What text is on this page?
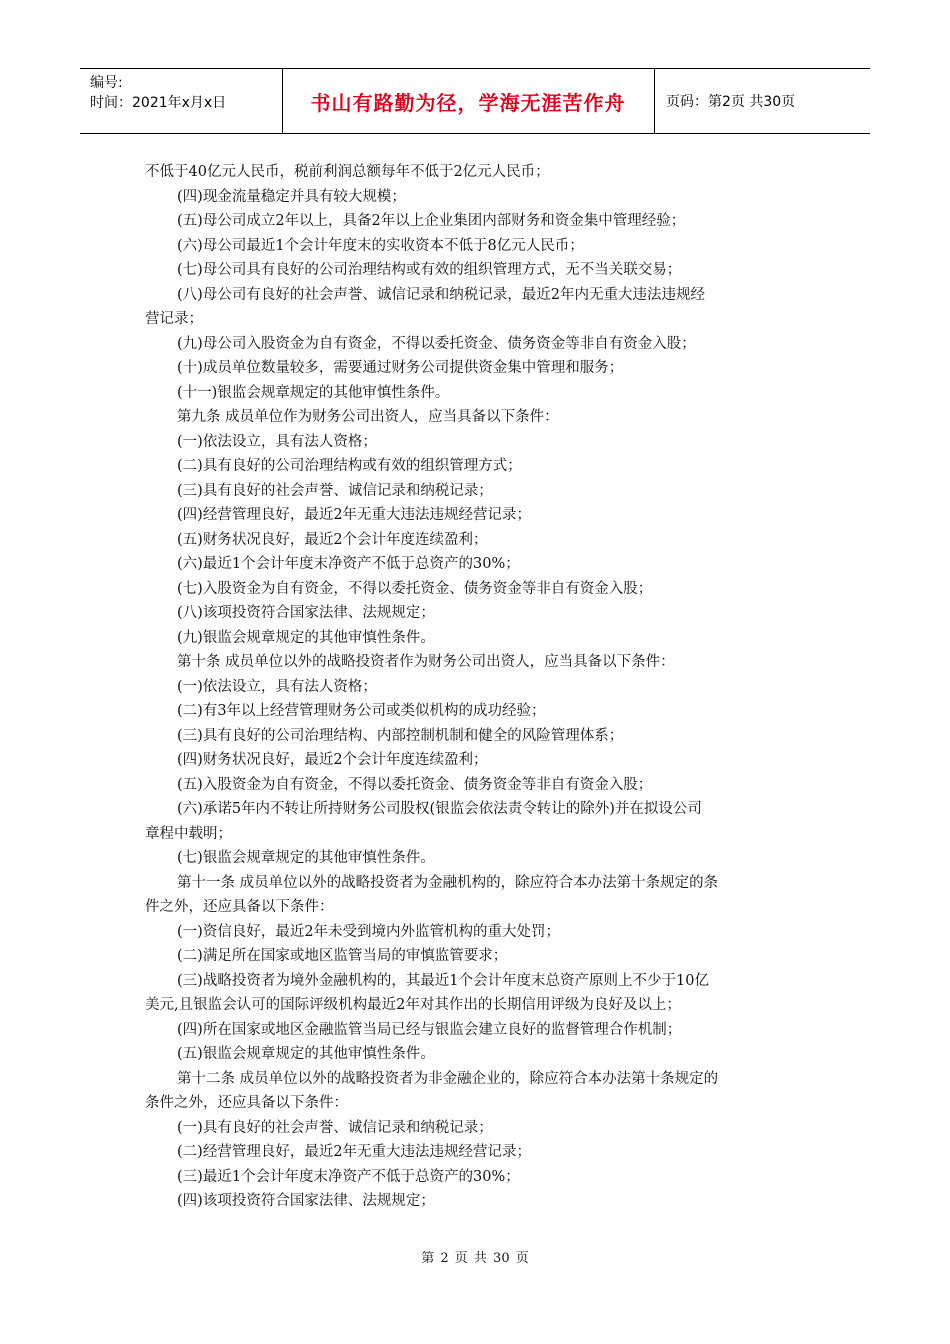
编号:
时间：2021年x月x日	书山有路勤为径，学海无涯苦作舟	页码：第2页 共30页

不低于40亿元人民币，税前利润总额每年不低于2亿元人民币；

(四)现金流量稳定并具有较大规模；

(五)母公司成立2年以上，具备2年以上企业集团内部财务和资金集中管理经验；

(六)母公司最近1个会计年度末的实收资本不低于8亿元人民币；

(七)母公司具有良好的公司治理结构或有效的组织管理方式，无不当关联交易；

(八)母公司有良好的社会声誉、诚信记录和纳税记录，最近2年内无重大违法违规经

营记录；

(九)母公司入股资金为自有资金，不得以委托资金、债务资金等非自有资金入股；

(十)成员单位数量较多，需要通过财务公司提供资金集中管理和服务；

(十一)银监会规章规定的其他审慎性条件。

第九条 成员单位作为财务公司出资人，应当具备以下条件：

(一)依法设立，具有法人资格；

(二)具有良好的公司治理结构或有效的组织管理方式；

(三)具有良好的社会声誉、诚信记录和纳税记录；

(四)经营管理良好，最近2年无重大违法违规经营记录；

(五)财务状况良好，最近2个会计年度连续盈利；

(六)最近1个会计年度末净资产不低于总资产的30%；

(七)入股资金为自有资金，不得以委托资金、债务资金等非自有资金入股；

(八)该项投资符合国家法律、法规规定；

(九)银监会规章规定的其他审慎性条件。

第十条 成员单位以外的战略投资者作为财务公司出资人，应当具备以下条件：

(一)依法设立，具有法人资格；

(二)有3年以上经营管理财务公司或类似机构的成功经验；

(三)具有良好的公司治理结构、内部控制机制和健全的风险管理体系；

(四)财务状况良好，最近2个会计年度连续盈利；

(五)入股资金为自有资金，不得以委托资金、债务资金等非自有资金入股；

(六)承诺5年内不转让所持财务公司股权(银监会依法责令转让的除外)并在拟设公司

章程中载明；

(七)银监会规章规定的其他审慎性条件。

第十一条 成员单位以外的战略投资者为金融机构的，除应符合本办法第十条规定的条

件之外，还应具备以下条件：

(一)资信良好，最近2年未受到境内外监管机构的重大处罚；

(二)满足所在国家或地区监管当局的审慎监管要求；

(三)战略投资者为境外金融机构的，其最近1个会计年度末总资产原则上不少于10亿

美元,且银监会认可的国际评级机构最近2年对其作出的长期信用评级为良好及以上；

(四)所在国家或地区金融监管当局已经与银监会建立良好的监督管理合作机制；

(五)银监会规章规定的其他审慎性条件。

第十二条 成员单位以外的战略投资者为非金融企业的，除应符合本办法第十条规定的

条件之外，还应具备以下条件：

(一)具有良好的社会声誉、诚信记录和纳税记录；

(二)经营管理良好，最近2年无重大违法违规经营记录；

(三)最近1个会计年度末净资产不低于总资产的30%；

(四)该项投资符合国家法律、法规规定；

第 2 页 共 30 页
